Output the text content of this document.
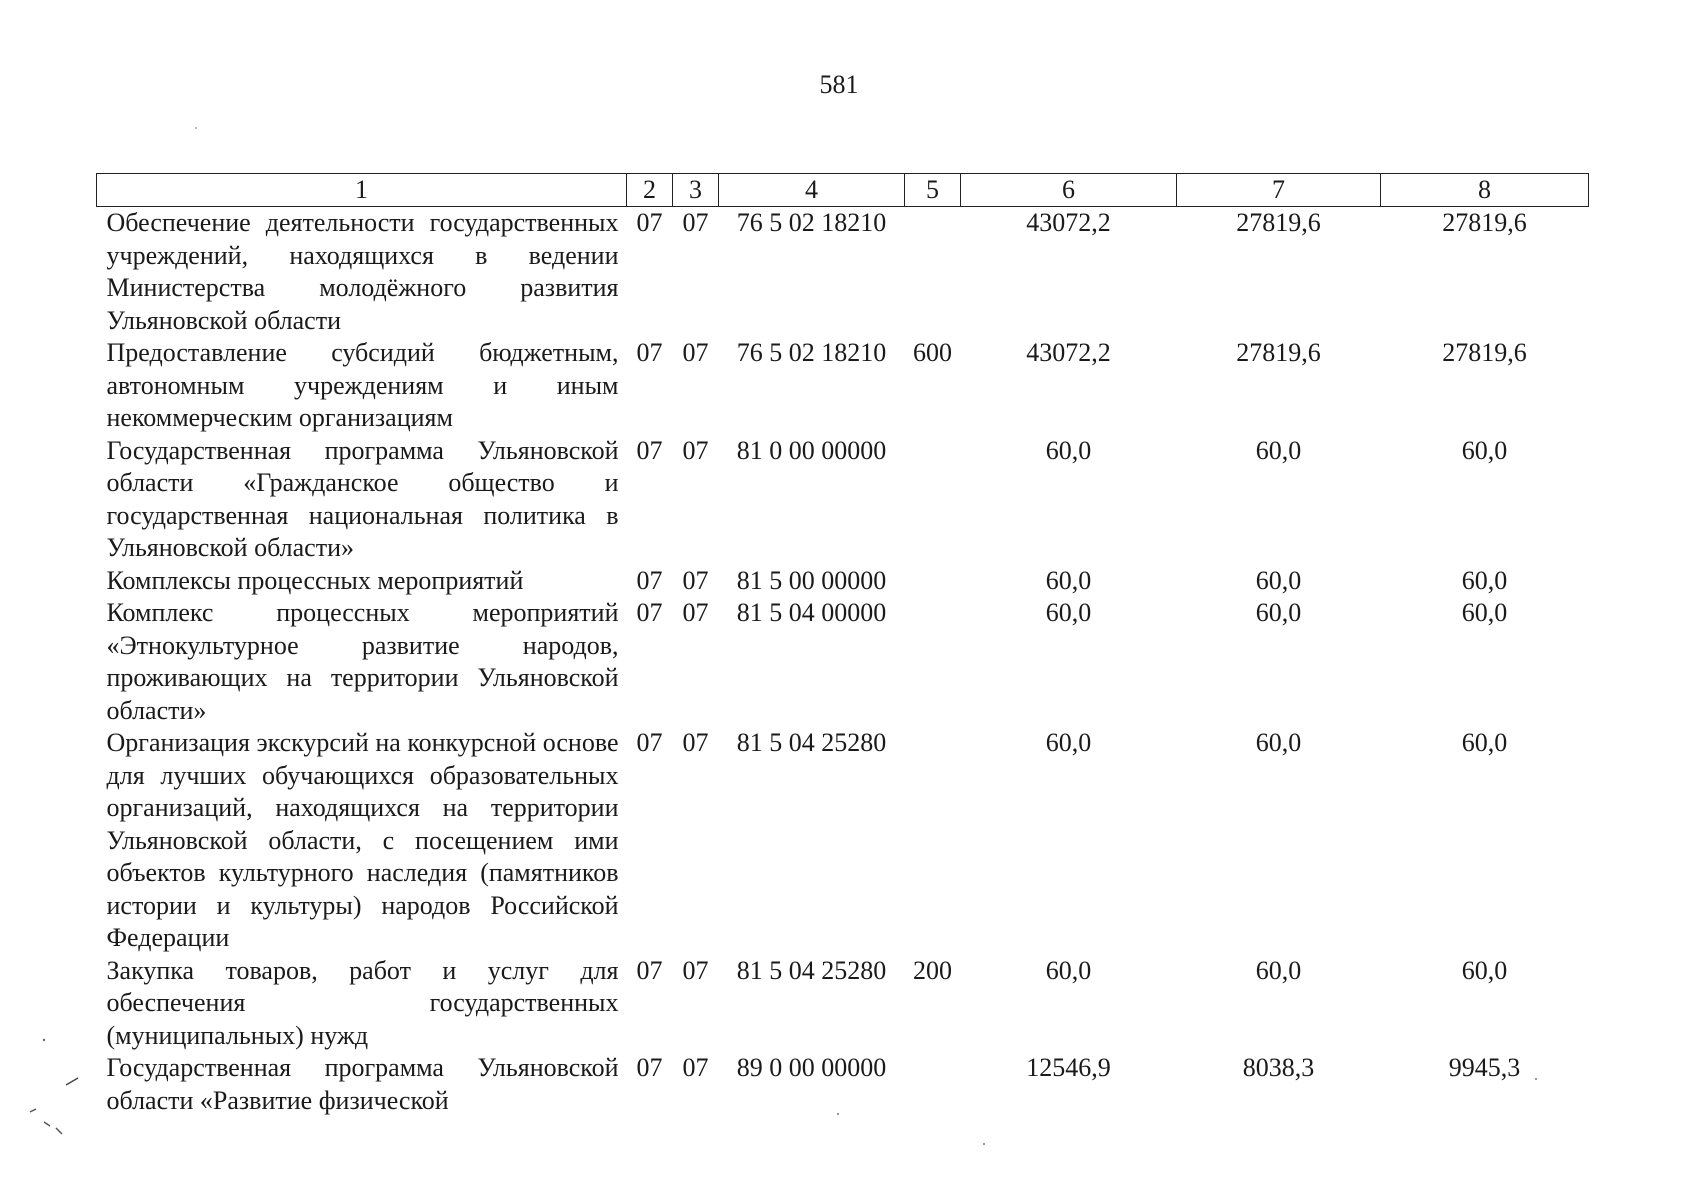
581
1	2	3	4	5	6	7	8
Обеспечение деятельности государственных учреждений, находящихся в ведении Министерства молодёжного развития Ульяновской области	07	07	76 5 02 18210		43072,2	27819,6	27819,6
Предоставление субсидий бюджетным, автономным учреждениям и иным некоммерческим организациям	07	07	76 5 02 18210	600	43072,2	27819,6	27819,6
Государственная программа Ульяновской области «Гражданское общество и государственная национальная политика в Ульяновской области»	07	07	81 0 00 00000		60,0	60,0	60,0
Комплексы процессных мероприятий	07	07	81 5 00 00000		60,0	60,0	60,0
Комплекс процессных мероприятий «Этнокультурное развитие народов, проживающих на территории Ульяновской области»	07	07	81 5 04 00000		60,0	60,0	60,0
Организация экскурсий на конкурсной основе для лучших обучающихся образовательных организаций, находящихся на территории Ульяновской области, с посещением ими объектов культурного наследия (памятников истории и культуры) народов Российской Федерации	07	07	81 5 04 25280		60,0	60,0	60,0
Закупка товаров, работ и услуг для обеспечения государственных (муниципальных) нужд	07	07	81 5 04 25280	200	60,0	60,0	60,0
Государственная программа Ульяновской области «Развитие физической	07	07	89 0 00 00000		12546,9	8038,3	9945,3
